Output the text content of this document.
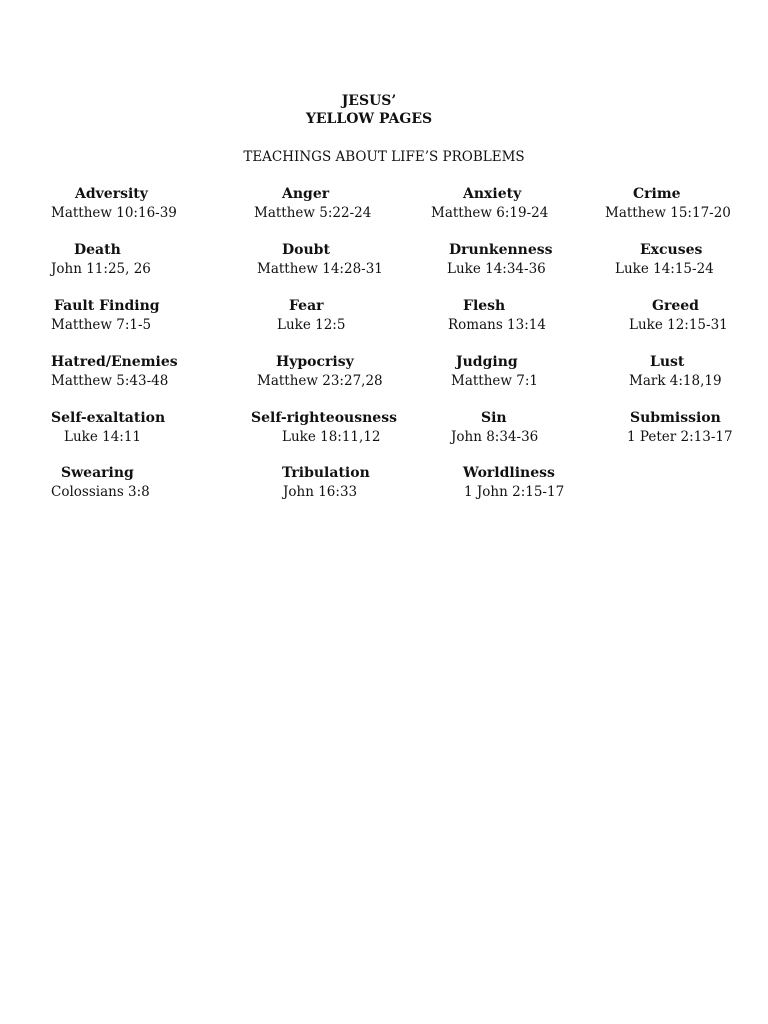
JESUS’
YELLOW PAGES
TEACHINGS ABOUT LIFE’S PROBLEMS
Adversity
Matthew 10:16-39
Anger
Matthew 5:22-24
Anxiety
Matthew 6:19-24
Crime
Matthew 15:17-20
Death
John 11:25, 26
Doubt
Matthew 14:28-31
Drunkenness
Luke 14:34-36
Excuses
Luke 14:15-24
Fault Finding
Matthew 7:1-5
Fear
Luke 12:5
Flesh
Romans 13:14
Greed
Luke 12:15-31
Hatred/Enemies
Matthew 5:43-48
Hypocrisy
Matthew 23:27,28
Judging
Matthew 7:1
Lust
Mark 4:18,19
Self-exaltation
Luke 14:11
Self-righteousness
Luke 18:11,12
Sin
John 8:34-36
Submission
1 Peter 2:13-17
Swearing
Colossians 3:8
Tribulation
John 16:33
Worldliness
1 John 2:15-17
